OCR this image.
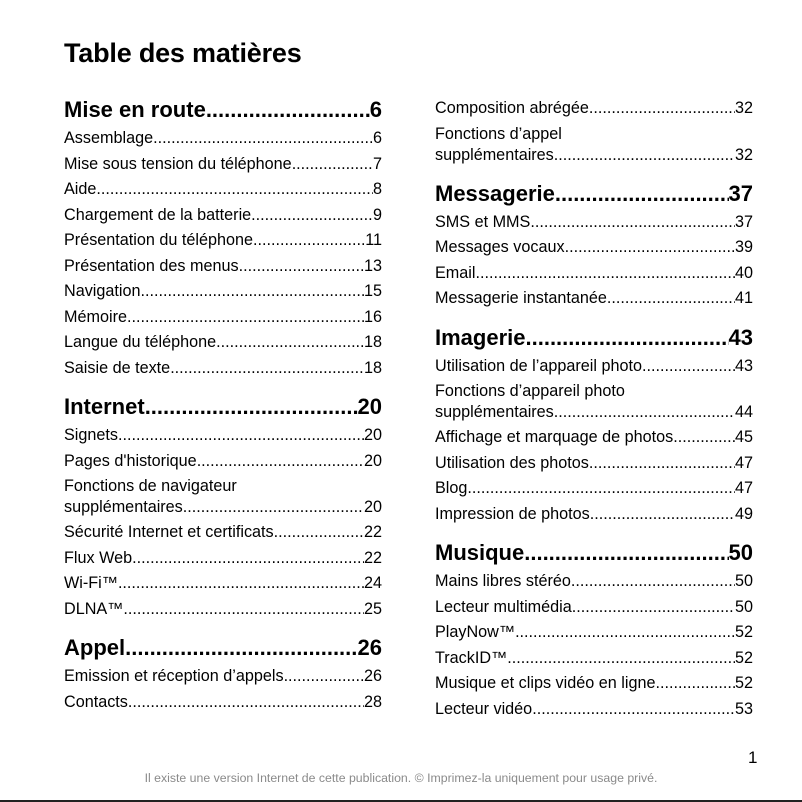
Table des matières
Mise en route .....	6
Assemblage .....	6
Mise sous tension du téléphone .....	7
Aide .....	8
Chargement de la batterie .....	9
Présentation du téléphone .....	11
Présentation des menus .....	13
Navigation .....	15
Mémoire .....	16
Langue du téléphone .....	18
Saisie de texte .....	18
Internet .....	20
Signets .....	20
Pages d'historique .....	20
Fonctions de navigateur
supplémentaires .....	20
Sécurité Internet et certificats .....	22
Flux Web .....	22
Wi-Fi™ .....	24
DLNA™ .....	25
Appel .....	26
Emission et réception d’appels .....	26
Contacts .....	28
Composition abrégée .....	32
Fonctions d’appel
supplémentaires .....	32
Messagerie .....	37
SMS et MMS .....	37
Messages vocaux .....	39
Email .....	40
Messagerie instantanée .....	41
Imagerie .....	43
Utilisation de l’appareil photo .....	43
Fonctions d’appareil photo
supplémentaires .....	44
Affichage et marquage de photos .....	45
Utilisation des photos .....	47
Blog .....	47
Impression de photos .....	49
Musique .....	50
Mains libres stéréo .....	50
Lecteur multimédia .....	50
PlayNow™ .....	52
TrackID™ .....	52
Musique et clips vidéo en ligne .....	52
Lecteur vidéo .....	53
1
Il existe une version Internet de cette publication. © Imprimez-la uniquement pour usage privé.
